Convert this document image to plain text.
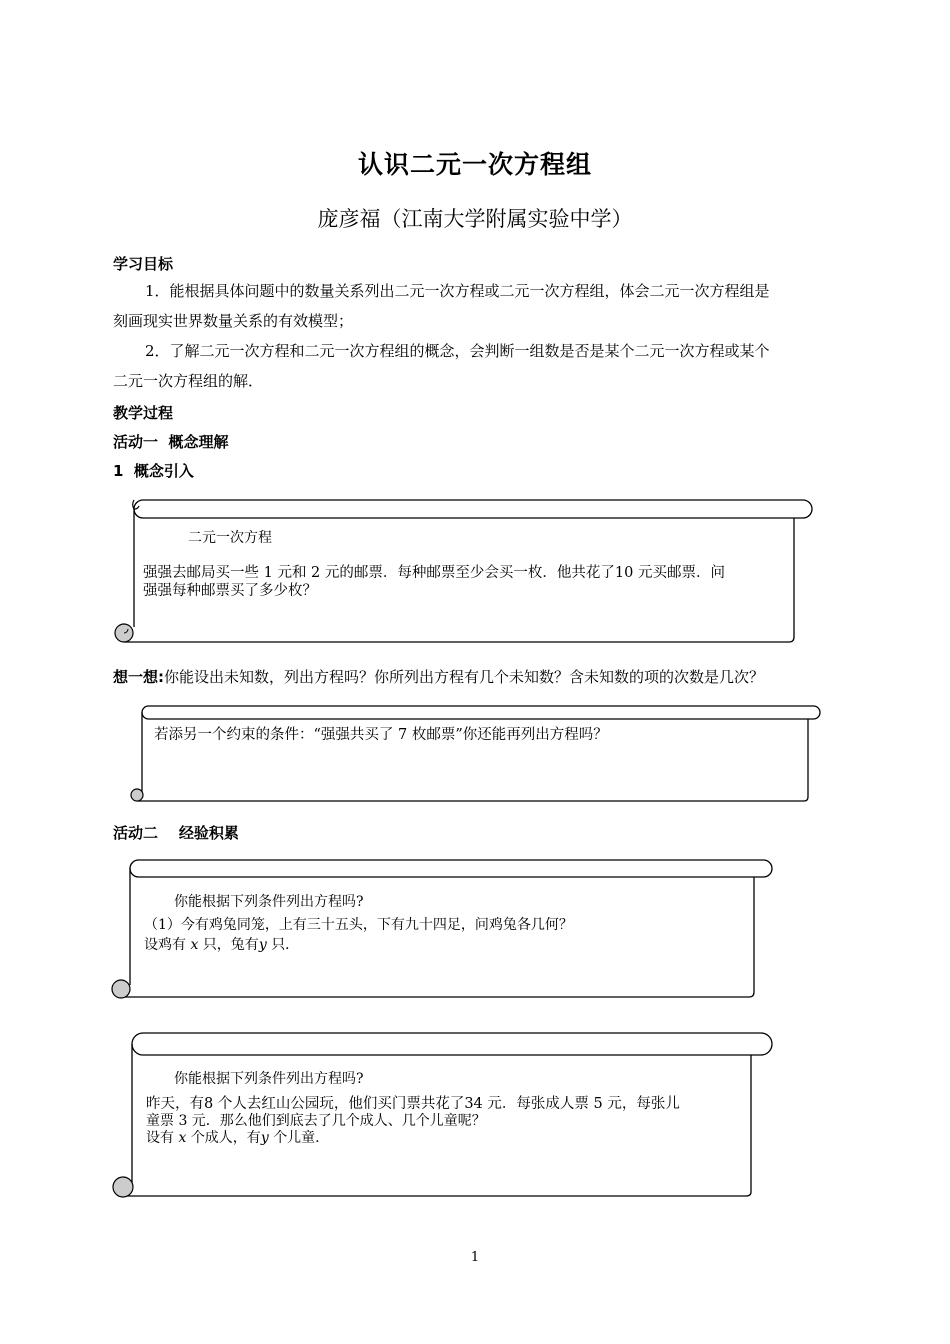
认识二元一次方程组
庞彦福（江南大学附属实验中学）
学习目标
1．能根据具体问题中的数量关系列出二元一次方程或二元一次方程组，体会二元一次方程组是
刻画现实世界数量关系的有效模型；
2．了解二元一次方程和二元一次方程组的概念，会判断一组数是否是某个二元一次方程或某个
二元一次方程组的解．
教学过程
活动一  概念理解
1  概念引入
二元一次方程
强强去邮局买一些 1 元和 2 元的邮票．每种邮票至少会买一枚．他共花了10 元买邮票．问
强强每种邮票买了多少枚？
想一想:你能设出未知数，列出方程吗？你所列出方程有几个未知数？含未知数的项的次数是几次？
若添另一个约束的条件：“强强共买了 7 枚邮票”你还能再列出方程吗？
活动二    经验积累
你能根据下列条件列出方程吗?
（1）今有鸡兔同笼，上有三十五头，下有九十四足，问鸡兔各几何？
设鸡有 x 只，兔有y 只．
你能根据下列条件列出方程吗?
昨天，有8 个人去红山公园玩，他们买门票共花了34 元．每张成人票 5 元，每张儿
童票 3 元．那么他们到底去了几个成人、几个儿童呢？
设有 x 个成人，有y 个儿童.
1
